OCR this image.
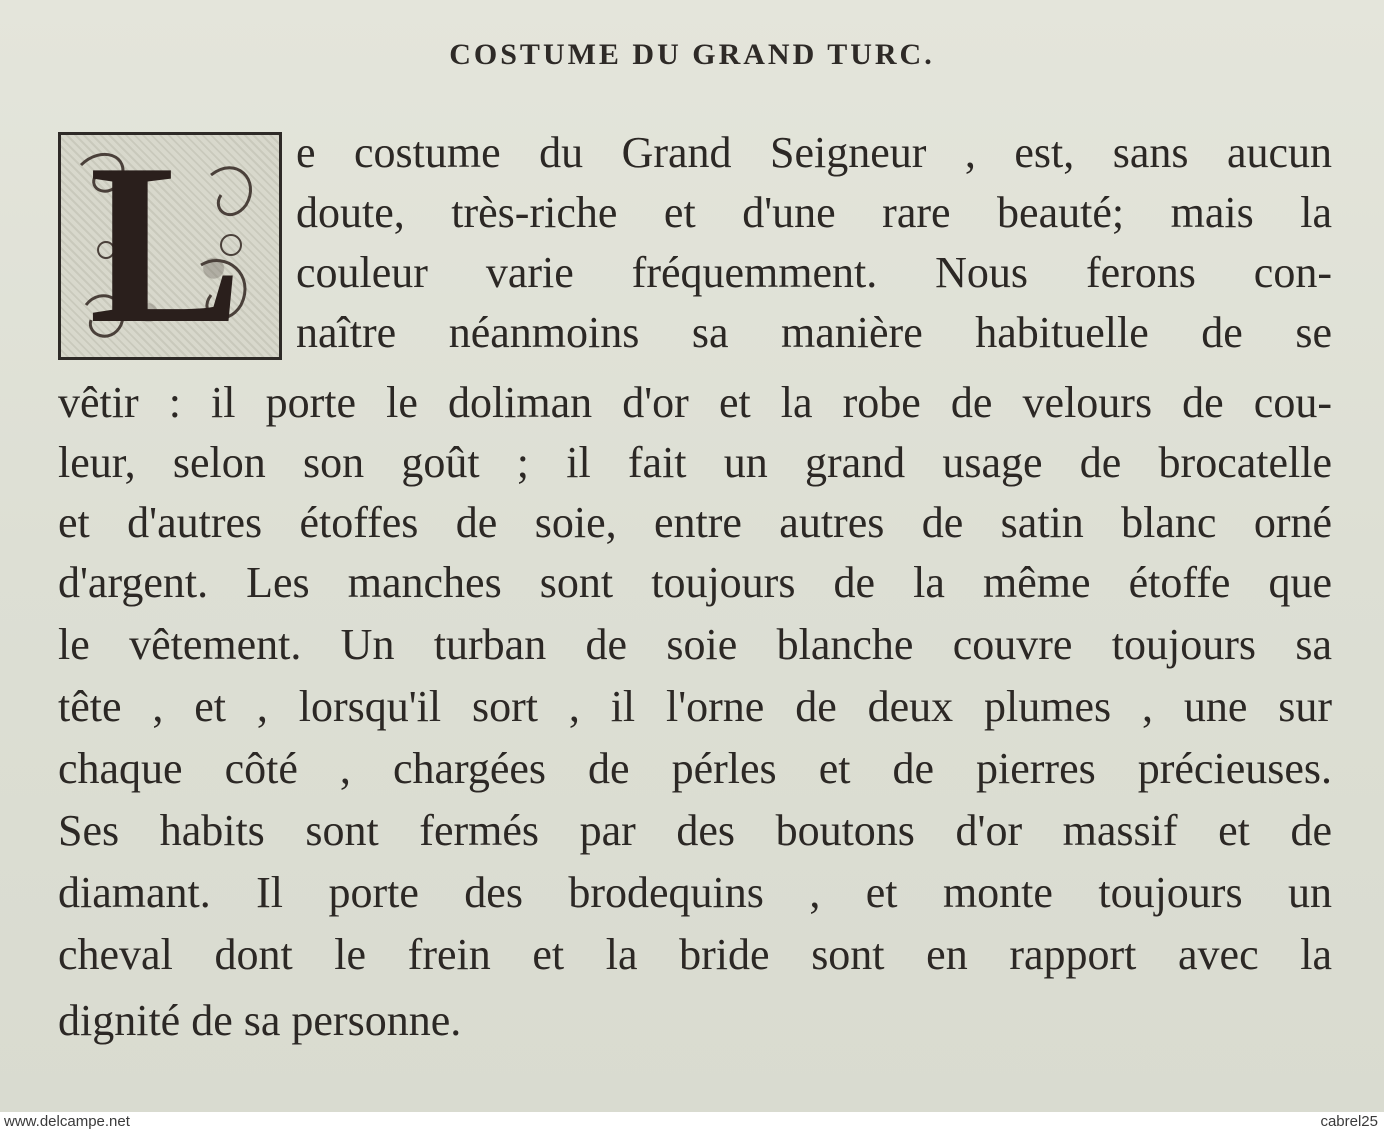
COSTUME DU GRAND TURC.
L e costume du Grand Seigneur , est, sans aucun
doute, très-riche et d'une rare beauté; mais la
couleur varie fréquemment. Nous ferons con-
naître néanmoins sa manière habituelle de se
vêtir : il porte le doliman d'or et la robe de velours de cou-
leur, selon son goût ; il fait un grand usage de brocatelle
et d'autres étoffes de soie, entre autres de satin blanc orné
d'argent. Les manches sont toujours de la même étoffe que
le vêtement. Un turban de soie blanche couvre toujours sa
tête , et , lorsqu'il sort , il l'orne de deux plumes , une sur
chaque côté , chargées de pérles et de pierres précieuses.
Ses habits sont fermés par des boutons d'or massif et de
diamant. Il porte des brodequins , et monte toujours un
cheval dont le frein et la bride sont en rapport avec la
dignité de sa personne.
www.delcampe.net	cabrel25
